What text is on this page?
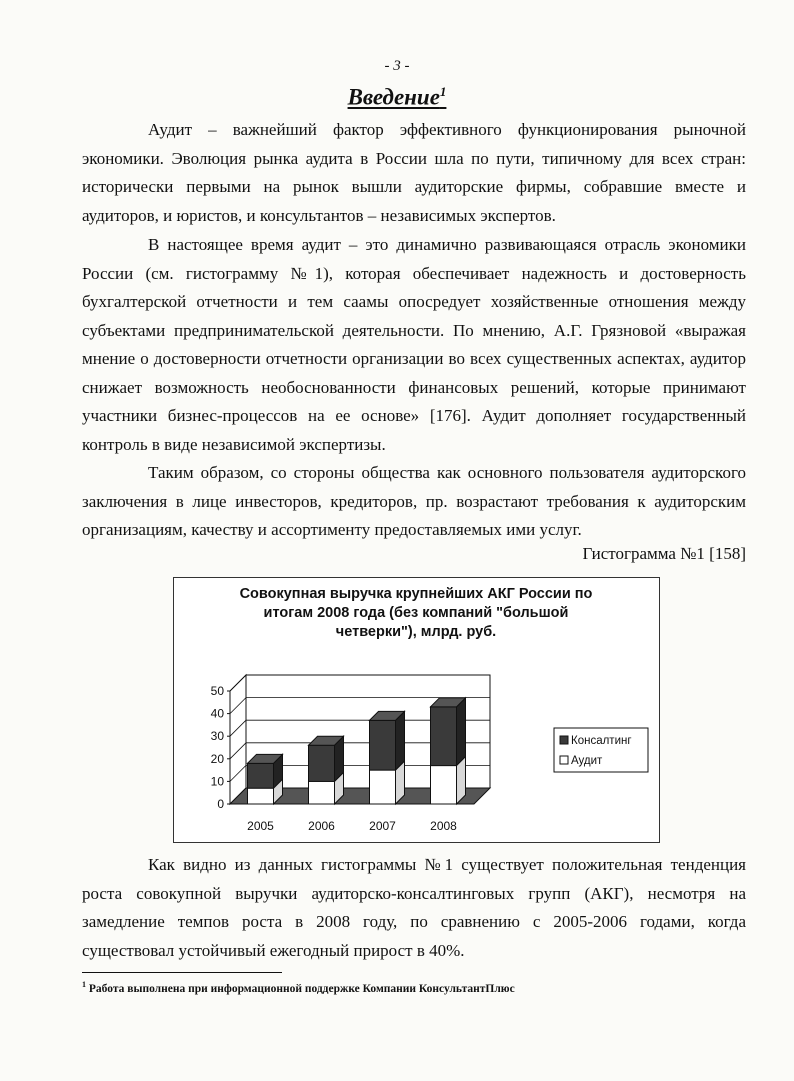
- 3 -
Введение$^1$

Аудит – важнейший фактор эффективного функционирования рыночной экономики. Эволюция рынка аудита в России шла по пути, типичному для всех стран: исторически первыми на рынок вышли аудиторские фирмы, собравшие вместе и аудиторов, и юристов, и консультантов – независимых экспертов.

В настоящее время аудит – это динамично развивающаяся отрасль экономики России (см. гистограмму №1), которая обеспечивает надежность и достоверность бухгалтерской отчетности и тем саамы опосредует хозяйственные отношения между субъектами предпринимательской деятельности. По мнению, А.Г. Грязновой «выражая мнение о достоверности отчетности организации во всех существенных аспектах, аудитор снижает возможность необоснованности финансовых решений, которые принимают участники бизнес-процессов на ее основе» [176]. Аудит дополняет государственный контроль в виде независимой экспертизы.

Таким образом, со стороны общества как основного пользователя аудиторского заключения в лице инвесторов, кредиторов, пр. возрастают требования к аудиторским организациям, качеству и ассортименту предоставляемых ими услуг.

Гистограмма №1 [158]
Совокупная выручка крупнейших АКГ России по
итогам 2008 года (без компаний "большой
четверки"), млрд. руб.
0
10
20
30
40
50
2005	2006	2007	2008
Консалтинг
Аудит

Как видно из данных гистограммы №1 существует положительная тенденция роста совокупной выручки аудиторско-консалтинговых групп (АКГ), несмотря на замедление темпов роста в 2008 году, по сравнению с 2005-2006 годами, когда существовал устойчивый ежегодный прирост в 40%.

$^1$ Работа выполнена при информационной поддержке Компании КонсультантПлюс
